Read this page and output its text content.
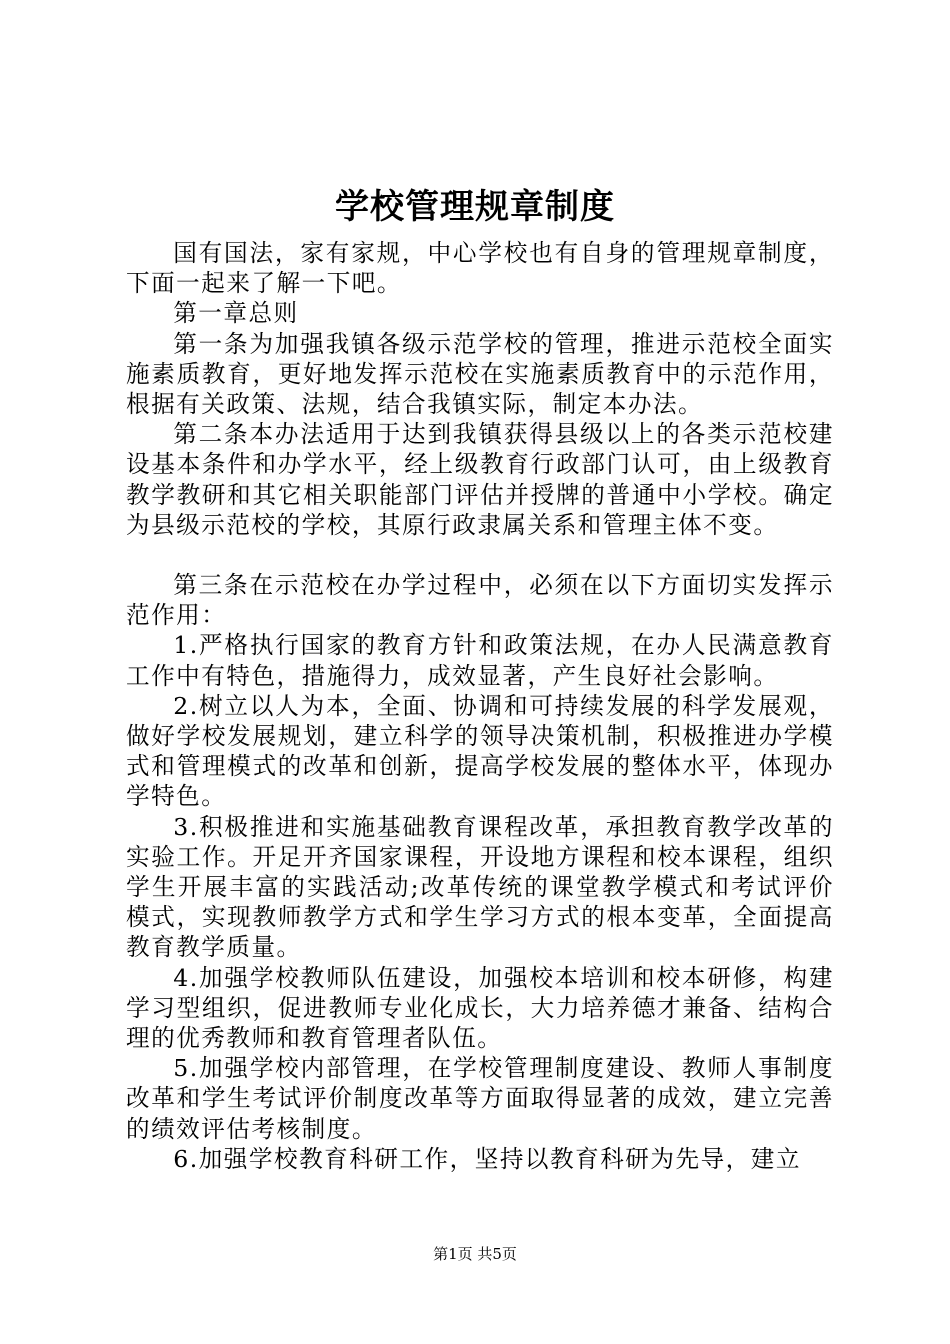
学校管理规章制度

国有国法，家有家规，中心学校也有自身的管理规章制度，下面一起来了解一下吧。

第一章总则

第一条为加强我镇各级示范学校的管理，推进示范校全面实施素质教育，更好地发挥示范校在实施素质教育中的示范作用，根据有关政策、法规，结合我镇实际，制定本办法。

第二条本办法适用于达到我镇获得县级以上的各类示范校建设基本条件和办学水平，经上级教育行政部门认可，由上级教育教学教研和其它相关职能部门评估并授牌的普通中小学校。确定为县级示范校的学校，其原行政隶属关系和管理主体不变。

第三条在示范校在办学过程中，必须在以下方面切实发挥示范作用：

1.严格执行国家的教育方针和政策法规，在办人民满意教育工作中有特色，措施得力，成效显著，产生良好社会影响。

2.树立以人为本，全面、协调和可持续发展的科学发展观，做好学校发展规划，建立科学的领导决策机制，积极推进办学模式和管理模式的改革和创新，提高学校发展的整体水平，体现办学特色。

3.积极推进和实施基础教育课程改革，承担教育教学改革的实验工作。开足开齐国家课程，开设地方课程和校本课程，组织学生开展丰富的实践活动;改革传统的课堂教学模式和考试评价模式，实现教师教学方式和学生学习方式的根本变革，全面提高教育教学质量。

4.加强学校教师队伍建设，加强校本培训和校本研修，构建学习型组织，促进教师专业化成长，大力培养德才兼备、结构合理的优秀教师和教育管理者队伍。

5.加强学校内部管理，在学校管理制度建设、教师人事制度改革和学生考试评价制度改革等方面取得显著的成效，建立完善的绩效评估考核制度。

6.加强学校教育科研工作，坚持以教育科研为先导，建立

第1页 共5页
